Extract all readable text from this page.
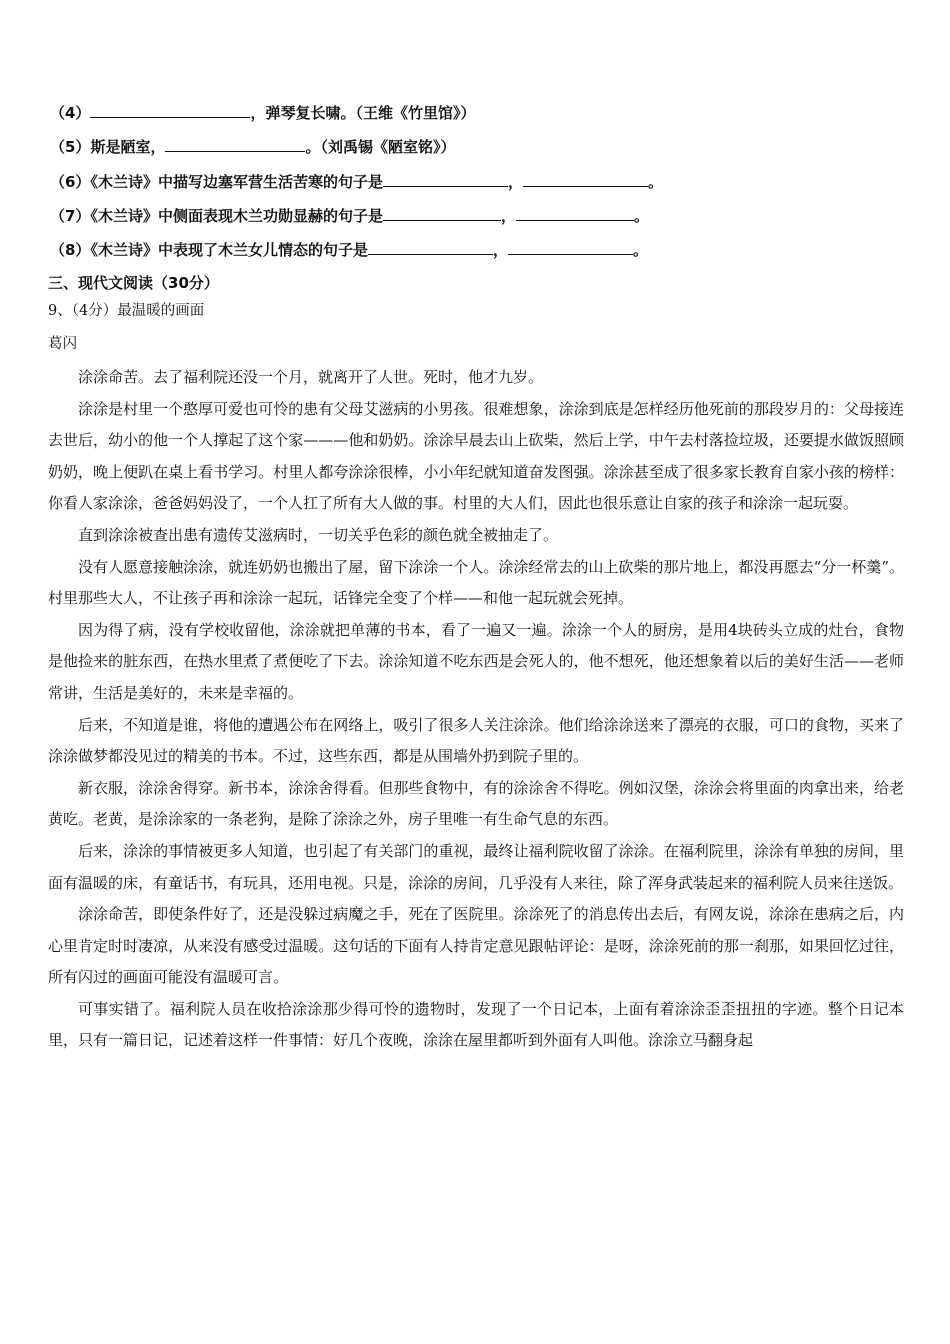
（4）	，弹琴复长啸。（王维《竹里馆》）
（5）斯是陋室，	。（刘禹锡《陋室铭》）
（6）《木兰诗》中描写边塞军营生活苦寒的句子是	，	。
（7）《木兰诗》中侧面表现木兰功勋显赫的句子是	，	。
（8）《木兰诗》中表现了木兰女儿情态的句子是	，	。
三、现代文阅读（30分）
9、（4分）最温暖的画面
葛闪

涂涂命苦。去了福利院还没一个月，就离开了人世。死时，他才九岁。

涂涂是村里一个憨厚可爱也可怜的患有父母艾滋病的小男孩。很难想象，涂涂到底是怎样经历他死前的那段岁月的：父母接连去世后，幼小的他一个人撑起了这个家———他和奶奶。涂涂早晨去山上砍柴，然后上学，中午去村落捡垃圾，还要提水做饭照顾奶奶，晚上便趴在桌上看书学习。村里人都夸涂涂很棒，小小年纪就知道奋发图强。涂涂甚至成了很多家长教育自家小孩的榜样：你看人家涂涂，爸爸妈妈没了，一个人扛了所有大人做的事。村里的大人们，因此也很乐意让自家的孩子和涂涂一起玩耍。

直到涂涂被查出患有遗传艾滋病时，一切关乎色彩的颜色就全被抽走了。

没有人愿意接触涂涂，就连奶奶也搬出了屋，留下涂涂一个人。涂涂经常去的山上砍柴的那片地上，都没再愿去“分一杯羹”。村里那些大人，不让孩子再和涂涂一起玩，话锋完全变了个样——和他一起玩就会死掉。

因为得了病，没有学校收留他，涂涂就把单薄的书本，看了一遍又一遍。涂涂一个人的厨房，是用4块砖头立成的灶台，食物是他捡来的脏东西，在热水里煮了煮便吃了下去。涂涂知道不吃东西是会死人的，他不想死，他还想象着以后的美好生活——老师常讲，生活是美好的，未来是幸福的。

后来，不知道是谁，将他的遭遇公布在网络上，吸引了很多人关注涂涂。他们给涂涂送来了漂亮的衣服，可口的食物，买来了涂涂做梦都没见过的精美的书本。不过，这些东西，都是从围墙外扔到院子里的。

新衣服，涂涂舍得穿。新书本，涂涂舍得看。但那些食物中，有的涂涂舍不得吃。例如汉堡，涂涂会将里面的肉拿出来，给老黄吃。老黄，是涂涂家的一条老狗，是除了涂涂之外，房子里唯一有生命气息的东西。

后来，涂涂的事情被更多人知道，也引起了有关部门的重视，最终让福利院收留了涂涂。在福利院里，涂涂有单独的房间，里面有温暖的床，有童话书，有玩具，还用电视。只是，涂涂的房间，几乎没有人来往，除了浑身武装起来的福利院人员来往送饭。

涂涂命苦，即使条件好了，还是没躲过病魔之手，死在了医院里。涂涂死了的消息传出去后，有网友说，涂涂在患病之后，内心里肯定时时凄凉，从来没有感受过温暖。这句话的下面有人持肯定意见跟帖评论：是呀，涂涂死前的那一刹那，如果回忆过往，所有闪过的画面可能没有温暖可言。

可事实错了。福利院人员在收拾涂涂那少得可怜的遗物时，发现了一个日记本，上面有着涂涂歪歪扭扭的字迹。整个日记本里，只有一篇日记，记述着这样一件事情：好几个夜晚，涂涂在屋里都听到外面有人叫他。涂涂立马翻身起
